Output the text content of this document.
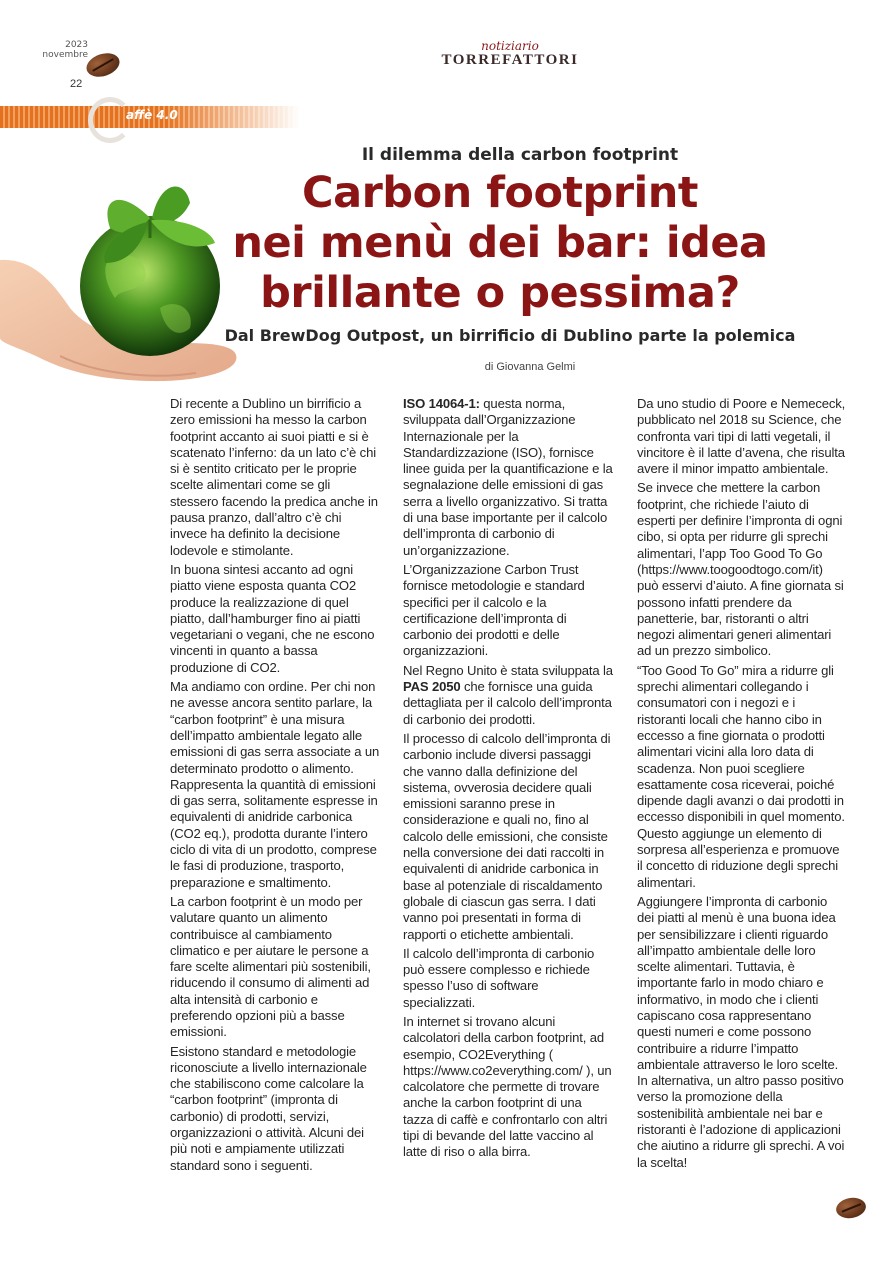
2023
novembre
22
notiziario
TORREFATTORI
affè 4.0
Il dilemma della carbon footprint
Carbon footprint
nei menù dei bar: idea
brillante o pessima?
Dal BrewDog Outpost, un birrificio di Dublino parte la polemica
di Giovanna Gelmi

Di recente a Dublino un birrificio a zero emissioni ha messo la carbon footprint accanto ai suoi piatti e si è scatenato l’inferno: da un lato c’è chi si è sentito criticato per le proprie scelte alimentari come se gli stessero facendo la predica anche in pausa pranzo, dall’altro c’è chi invece ha definito la decisione lodevole e stimolante.

In buona sintesi accanto ad ogni piatto viene esposta quanta CO2 produce la realizzazione di quel piatto, dall’hamburger fino ai piatti vegetariani o vegani, che ne escono vincenti in quanto a bassa produzione di CO2.

Ma andiamo con ordine. Per chi non ne avesse ancora sentito parlare, la “carbon footprint” è una misura dell’impatto ambientale legato alle emissioni di gas serra associate a un determinato prodotto o alimento. Rappresenta la quantità di emissioni di gas serra, solitamente espresse in equivalenti di anidride carbonica (CO2 eq.), prodotta durante l’intero ciclo di vita di un prodotto, comprese le fasi di produzione, trasporto, preparazione e smaltimento.

La carbon footprint è un modo per valutare quanto un alimento contribuisce al cambiamento climatico e per aiutare le persone a fare scelte alimentari più sostenibili, riducendo il consumo di alimenti ad alta intensità di carbonio e preferendo opzioni più a basse emissioni.

Esistono standard e metodologie riconosciute a livello internazionale che stabiliscono come calcolare la “carbon footprint” (impronta di carbonio) di prodotti, servizi, organizzazioni o attività. Alcuni dei più noti e ampiamente utilizzati standard sono i seguenti.

ISO 14064-1: questa norma, sviluppata dall’Organizzazione Internazionale per la Standardizzazione (ISO), fornisce linee guida per la quantificazione e la segnalazione delle emissioni di gas serra a livello organizzativo. Si tratta di una base importante per il calcolo dell’impronta di carbonio di un’organizzazione.

L’Organizzazione Carbon Trust fornisce metodologie e standard specifici per il calcolo e la certificazione dell’impronta di carbonio dei prodotti e delle organizzazioni.

Nel Regno Unito è stata sviluppata la PAS 2050 che fornisce una guida dettagliata per il calcolo dell’impronta di carbonio dei prodotti.

Il processo di calcolo dell’impronta di carbonio include diversi passaggi che vanno dalla definizione del sistema, ovverosia decidere quali emissioni saranno prese in considerazione e quali no, fino al calcolo delle emissioni, che consiste nella conversione dei dati raccolti in equivalenti di anidride carbonica in base al potenziale di riscaldamento globale di ciascun gas serra. I dati vanno poi presentati in forma di rapporti o etichette ambientali.

Il calcolo dell’impronta di carbonio può essere complesso e richiede spesso l’uso di software specializzati.

In internet si trovano alcuni calcolatori della carbon footprint, ad esempio, CO2Everything ( https://www.co2everything.com/ ), un calcolatore che permette di trovare anche la carbon footprint di una tazza di caffè e confrontarlo con altri tipi di bevande del latte vaccino al latte di riso o alla birra.

Da uno studio di Poore e Nemececk, pubblicato nel 2018 su Science, che confronta vari tipi di latti vegetali, il vincitore è il latte d’avena, che risulta avere il minor impatto ambientale.

Se invece che mettere la carbon footprint, che richiede l’aiuto di esperti per definire l’impronta di ogni cibo, si opta per ridurre gli sprechi alimentari, l’app Too Good To Go (https://www.toogoodtogo.com/it) può esservi d’aiuto. A fine giornata si possono infatti prendere da panetterie, bar, ristoranti o altri negozi alimentari generi alimentari ad un prezzo simbolico.

“Too Good To Go” mira a ridurre gli sprechi alimentari collegando i consumatori con i negozi e i ristoranti locali che hanno cibo in eccesso a fine giornata o prodotti alimentari vicini alla loro data di scadenza. Non puoi scegliere esattamente cosa riceverai, poiché dipende dagli avanzi o dai prodotti in eccesso disponibili in quel momento. Questo aggiunge un elemento di sorpresa all’esperienza e promuove il concetto di riduzione degli sprechi alimentari.

Aggiungere l’impronta di carbonio dei piatti al menù è una buona idea per sensibilizzare i clienti riguardo all’impatto ambientale delle loro scelte alimentari. Tuttavia, è importante farlo in modo chiaro e informativo, in modo che i clienti capiscano cosa rappresentano questi numeri e come possono contribuire a ridurre l’impatto ambientale attraverso le loro scelte. In alternativa, un altro passo positivo verso la promozione della sostenibilità ambientale nei bar e ristoranti è l’adozione di applicazioni che aiutino a ridurre gli sprechi. A voi la scelta!
